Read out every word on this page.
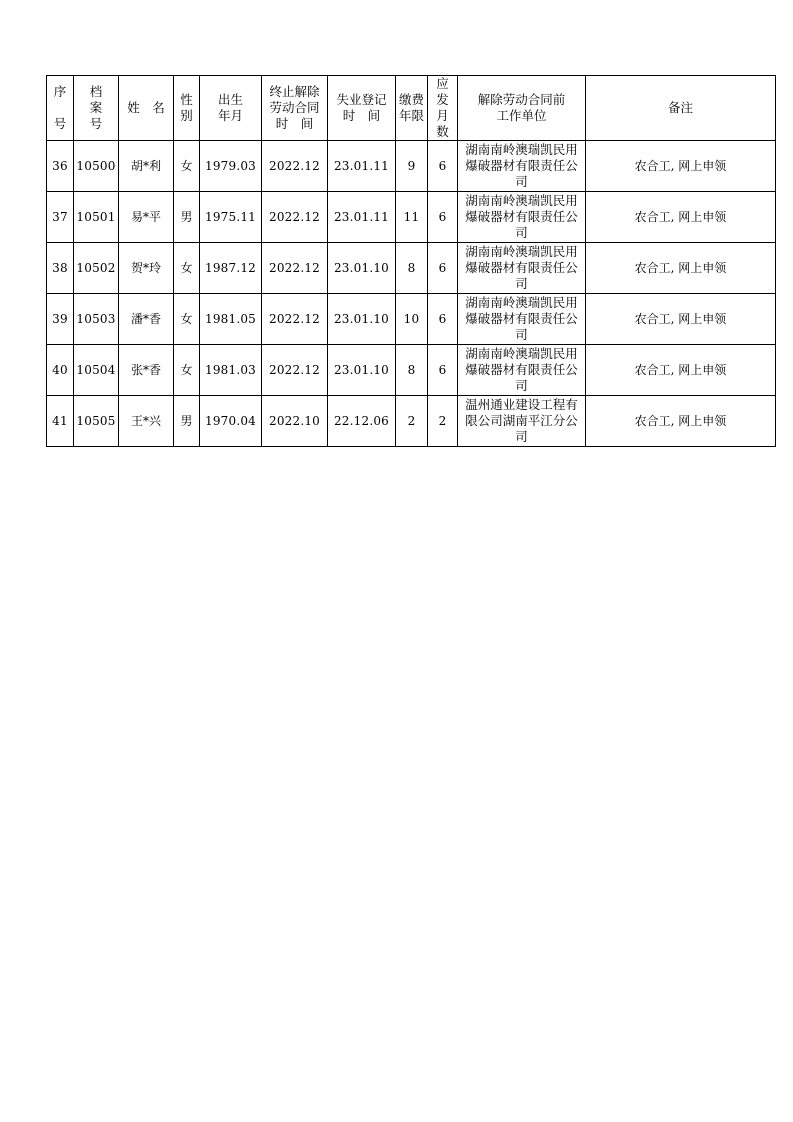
序

号	档
案
号	姓　名	性
别	出生
年月	终止解除
劳动合同
时　间	失业登记
时　间	缴费
年限	应
发
月
数	解除劳动合同前
工作单位	备注
36	10500	胡*利	女	1979.03	2022.12	23.01.11	9	6	湖南南岭澳瑞凯民用爆破器材有限责任公司	农合工, 网上申领
37	10501	易*平	男	1975.11	2022.12	23.01.11	11	6	湖南南岭澳瑞凯民用爆破器材有限责任公司	农合工, 网上申领
38	10502	贺*玲	女	1987.12	2022.12	23.01.10	8	6	湖南南岭澳瑞凯民用爆破器材有限责任公司	农合工, 网上申领
39	10503	潘*香	女	1981.05	2022.12	23.01.10	10	6	湖南南岭澳瑞凯民用爆破器材有限责任公司	农合工, 网上申领
40	10504	张*香	女	1981.03	2022.12	23.01.10	8	6	湖南南岭澳瑞凯民用爆破器材有限责任公司	农合工, 网上申领
41	10505	王*兴	男	1970.04	2022.10	22.12.06	2	2	温州通业建设工程有限公司湖南平江分公司	农合工, 网上申领
